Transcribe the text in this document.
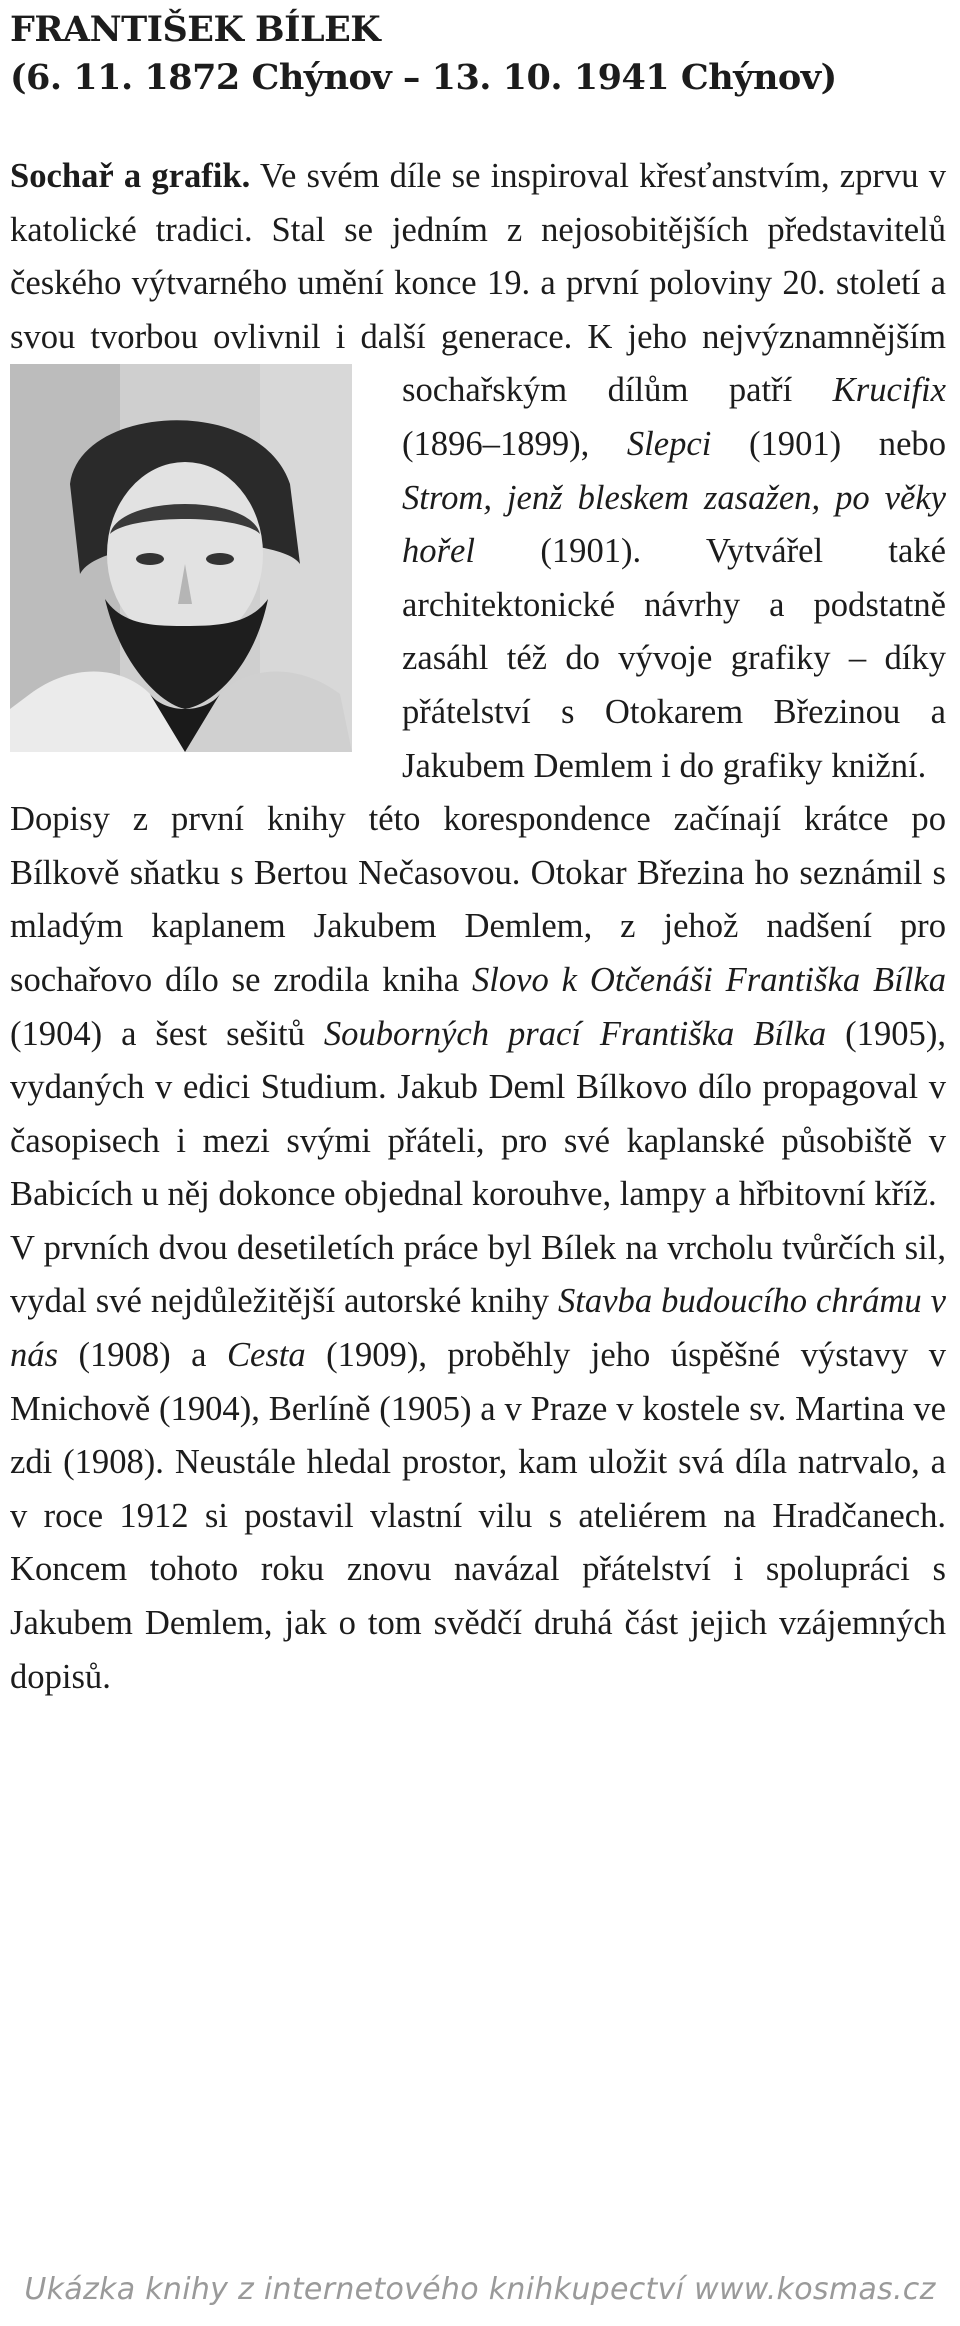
FRANTIŠEK BÍLEK
(6. 11. 1872 Chýnov – 13. 10. 1941 Chýnov)

Sochař a grafik. Ve svém díle se inspiroval křesťanstvím, zprvu v katolické tradici. Stal se jedním z nejosobitějších představitelů českého výtvarného umění konce 19. a první poloviny 20. století a svou tvorbou ovlivnil i další generace. K jeho nejvýznamnějším sochařským dílům patří
Krucifix (1896–1899), Slepci (1901) nebo Strom, jenž bleskem zasažen, po věky hořel (1901). Vytvářel také architektonické návrhy a podstatně zasáhl též do vývoje grafiky – díky přátelství s Otokarem Březinou a Jakubem Demlem i do grafiky knižní.

Dopisy z první knihy této korespondence začínají krátce po Bílkově sňatku s Bertou Nečasovou. Otokar Březina ho seznámil s mladým kaplanem Jakubem Demlem, z jehož nadšení pro sochařovo dílo se zrodila kniha Slovo k Otčenáši Františka Bílka (1904) a šest sešitů Souborných prací Františka Bílka (1905), vydaných v edici Studium. Jakub Deml Bílkovo dílo propagoval v časopisech i mezi svými přáteli, pro své kaplanské působiště v Babicích u něj dokonce objednal korouhve, lampy a hřbitovní kříž.

V prvních dvou desetiletích práce byl Bílek na vrcholu tvůrčích sil, vydal své nejdůležitější autorské knihy Stavba budoucího chrámu v nás (1908) a Cesta (1909), proběhly jeho úspěšné výstavy v Mnichově (1904), Berlíně (1905) a v Praze v kostele sv. Martina ve zdi (1908). Neustále hledal prostor, kam uložit svá díla natrvalo, a v roce 1912 si postavil vlastní vilu s ateliérem na Hradčanech. Koncem tohoto roku znovu navázal přátelství i spolupráci s Jakubem Demlem, jak o tom svědčí druhá část jejich vzájemných dopisů.

Ukázka knihy z internetového knihkupectví www.kosmas.cz
